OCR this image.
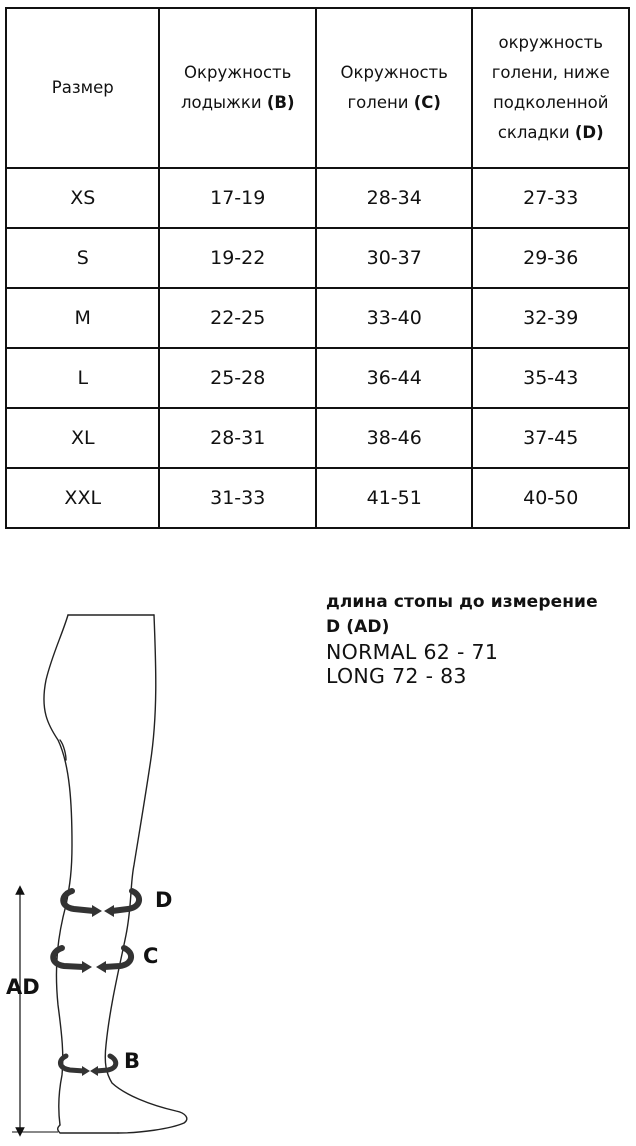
Размер	Окружность лодыжки (B)	Окружность голени (C)	окружность голени, ниже подколенной складки (D)
XS	17-19	28-34	27-33
S	19-22	30-37	29-36
M	22-25	33-40	32-39
L	25-28	36-44	35-43
XL	28-31	38-46	37-45
XXL	31-33	41-51	40-50
длина стопы до измерение
D (AD)
NORMAL 62 - 71
LONG 72 - 83
D
C
B
AD
